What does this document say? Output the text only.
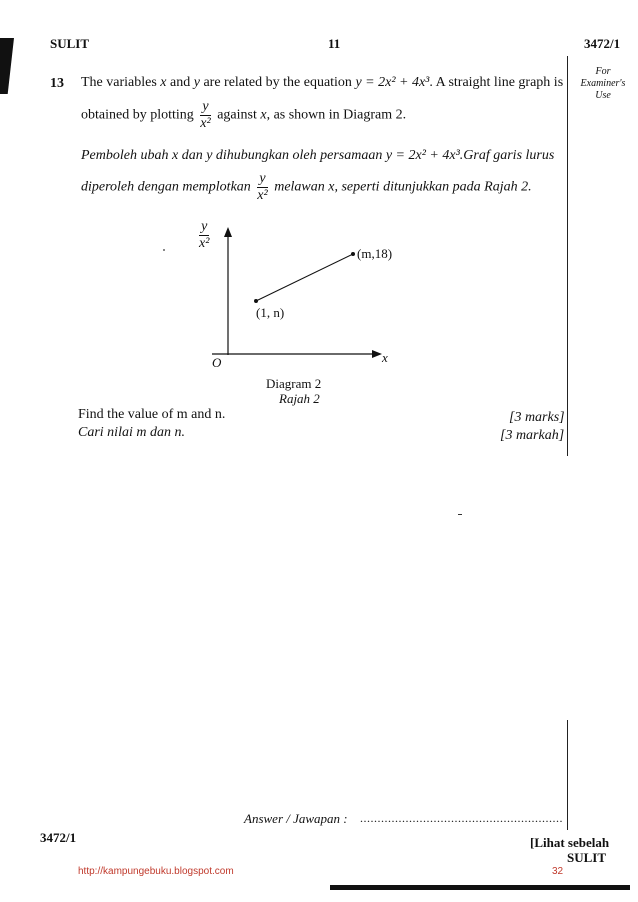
SULIT	11	3472/1
For
Examiner's
Use
13 The variables x and y are related by the equation y = 2x² + 4x³. A straight line graph is
obtained by plotting $\frac{y}{\text{x²}}$ against x, as shown in Diagram 2.
Pemboleh ubah x dan y dihubungkan oleh persamaan y = 2x² + 4x³.Graf garis lurus
diperoleh dengan memplotkan $\frac{y}{\text{x²}}$ melawan x, seperti ditunjukkan pada Rajah 2.
$\frac{y}{\text{x²}}$
O	x
(1, n)
(m,18)
Diagram 2
Rajah 2
Find the value of m and n.
Cari nilai m dan n.
[3 marks]
[3 markah]
Answer / Jawapan : ..........................................................
3472/1	[Lihat sebelah
SULIT
http://kampungebuku.blogspot.com	32
